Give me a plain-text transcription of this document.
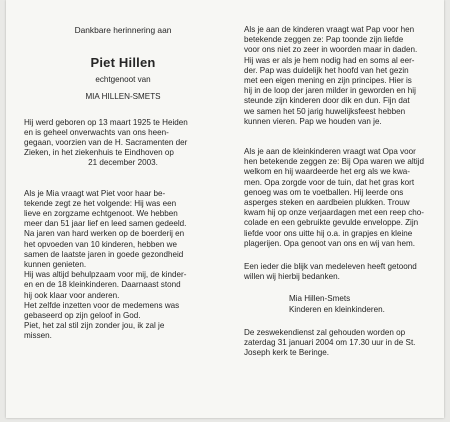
Dankbare herinnering aan
Piet Hillen
echtgenoot van
MIA HILLEN-SMETS
Hij werd geboren op 13 maart 1925 te Heiden
en is geheel onverwachts van ons heen-
gegaan, voorzien van de H. Sacramenten der
Zieken, in het ziekenhuis te Eindhoven op
21 december 2003.
Als je Mia vraagt wat Piet voor haar be-
tekende zegt ze het volgende: Hij was een
lieve en zorgzame echtgenoot. We hebben
meer dan 51 jaar lief en leed samen gedeeld.
Na jaren van hard werken op de boerderij en
het opvoeden van 10 kinderen, hebben we
samen de laatste jaren in goede gezondheid
kunnen genieten.
Hij was altijd behulpzaam voor mij, de kinder-
en en de 18 kleinkinderen. Daarnaast stond
hij ook klaar voor anderen.
Het zelfde inzetten voor de medemens was
gebaseerd op zijn geloof in God.
Piet, het zal stil zijn zonder jou, ik zal je
missen.
Als je aan de kinderen vraagt wat Pap voor hen
betekende zeggen ze: Pap toonde zijn liefde
voor ons niet zo zeer in woorden maar in daden.
Hij was er als je hem nodig had en soms al eer-
der. Pap was duidelijk het hoofd van het gezin
met een eigen mening en zijn principes. Hier is
hij in de loop der jaren milder in geworden en hij
steunde zijn kinderen door dik en dun. Fijn dat
we samen het 50 jarig huwelijksfeest hebben
kunnen vieren. Pap we houden van je.
Als je aan de kleinkinderen vraagt wat Opa voor
hen betekende zeggen ze: Bij Opa waren we altijd
welkom en hij waardeerde het erg als we kwa-
men. Opa zorgde voor de tuin, dat het gras kort
genoeg was om te voetballen. Hij leerde ons
asperges steken en aardbeien plukken. Trouw
kwam hij op onze verjaardagen met een reep cho-
colade en een gebruikte gevulde enveloppe. Zijn
liefde voor ons uitte hij o.a. in grapjes en kleine
plagerijen. Opa genoot van ons en wij van hem.
Een ieder die blijk van medeleven heeft getoond
willen wij hierbij bedanken.
Mia Hillen-Smets
Kinderen en kleinkinderen.
De zeswekendienst zal gehouden worden op
zaterdag 31 januari 2004 om 17.30 uur in de St.
Joseph kerk te Beringe.
